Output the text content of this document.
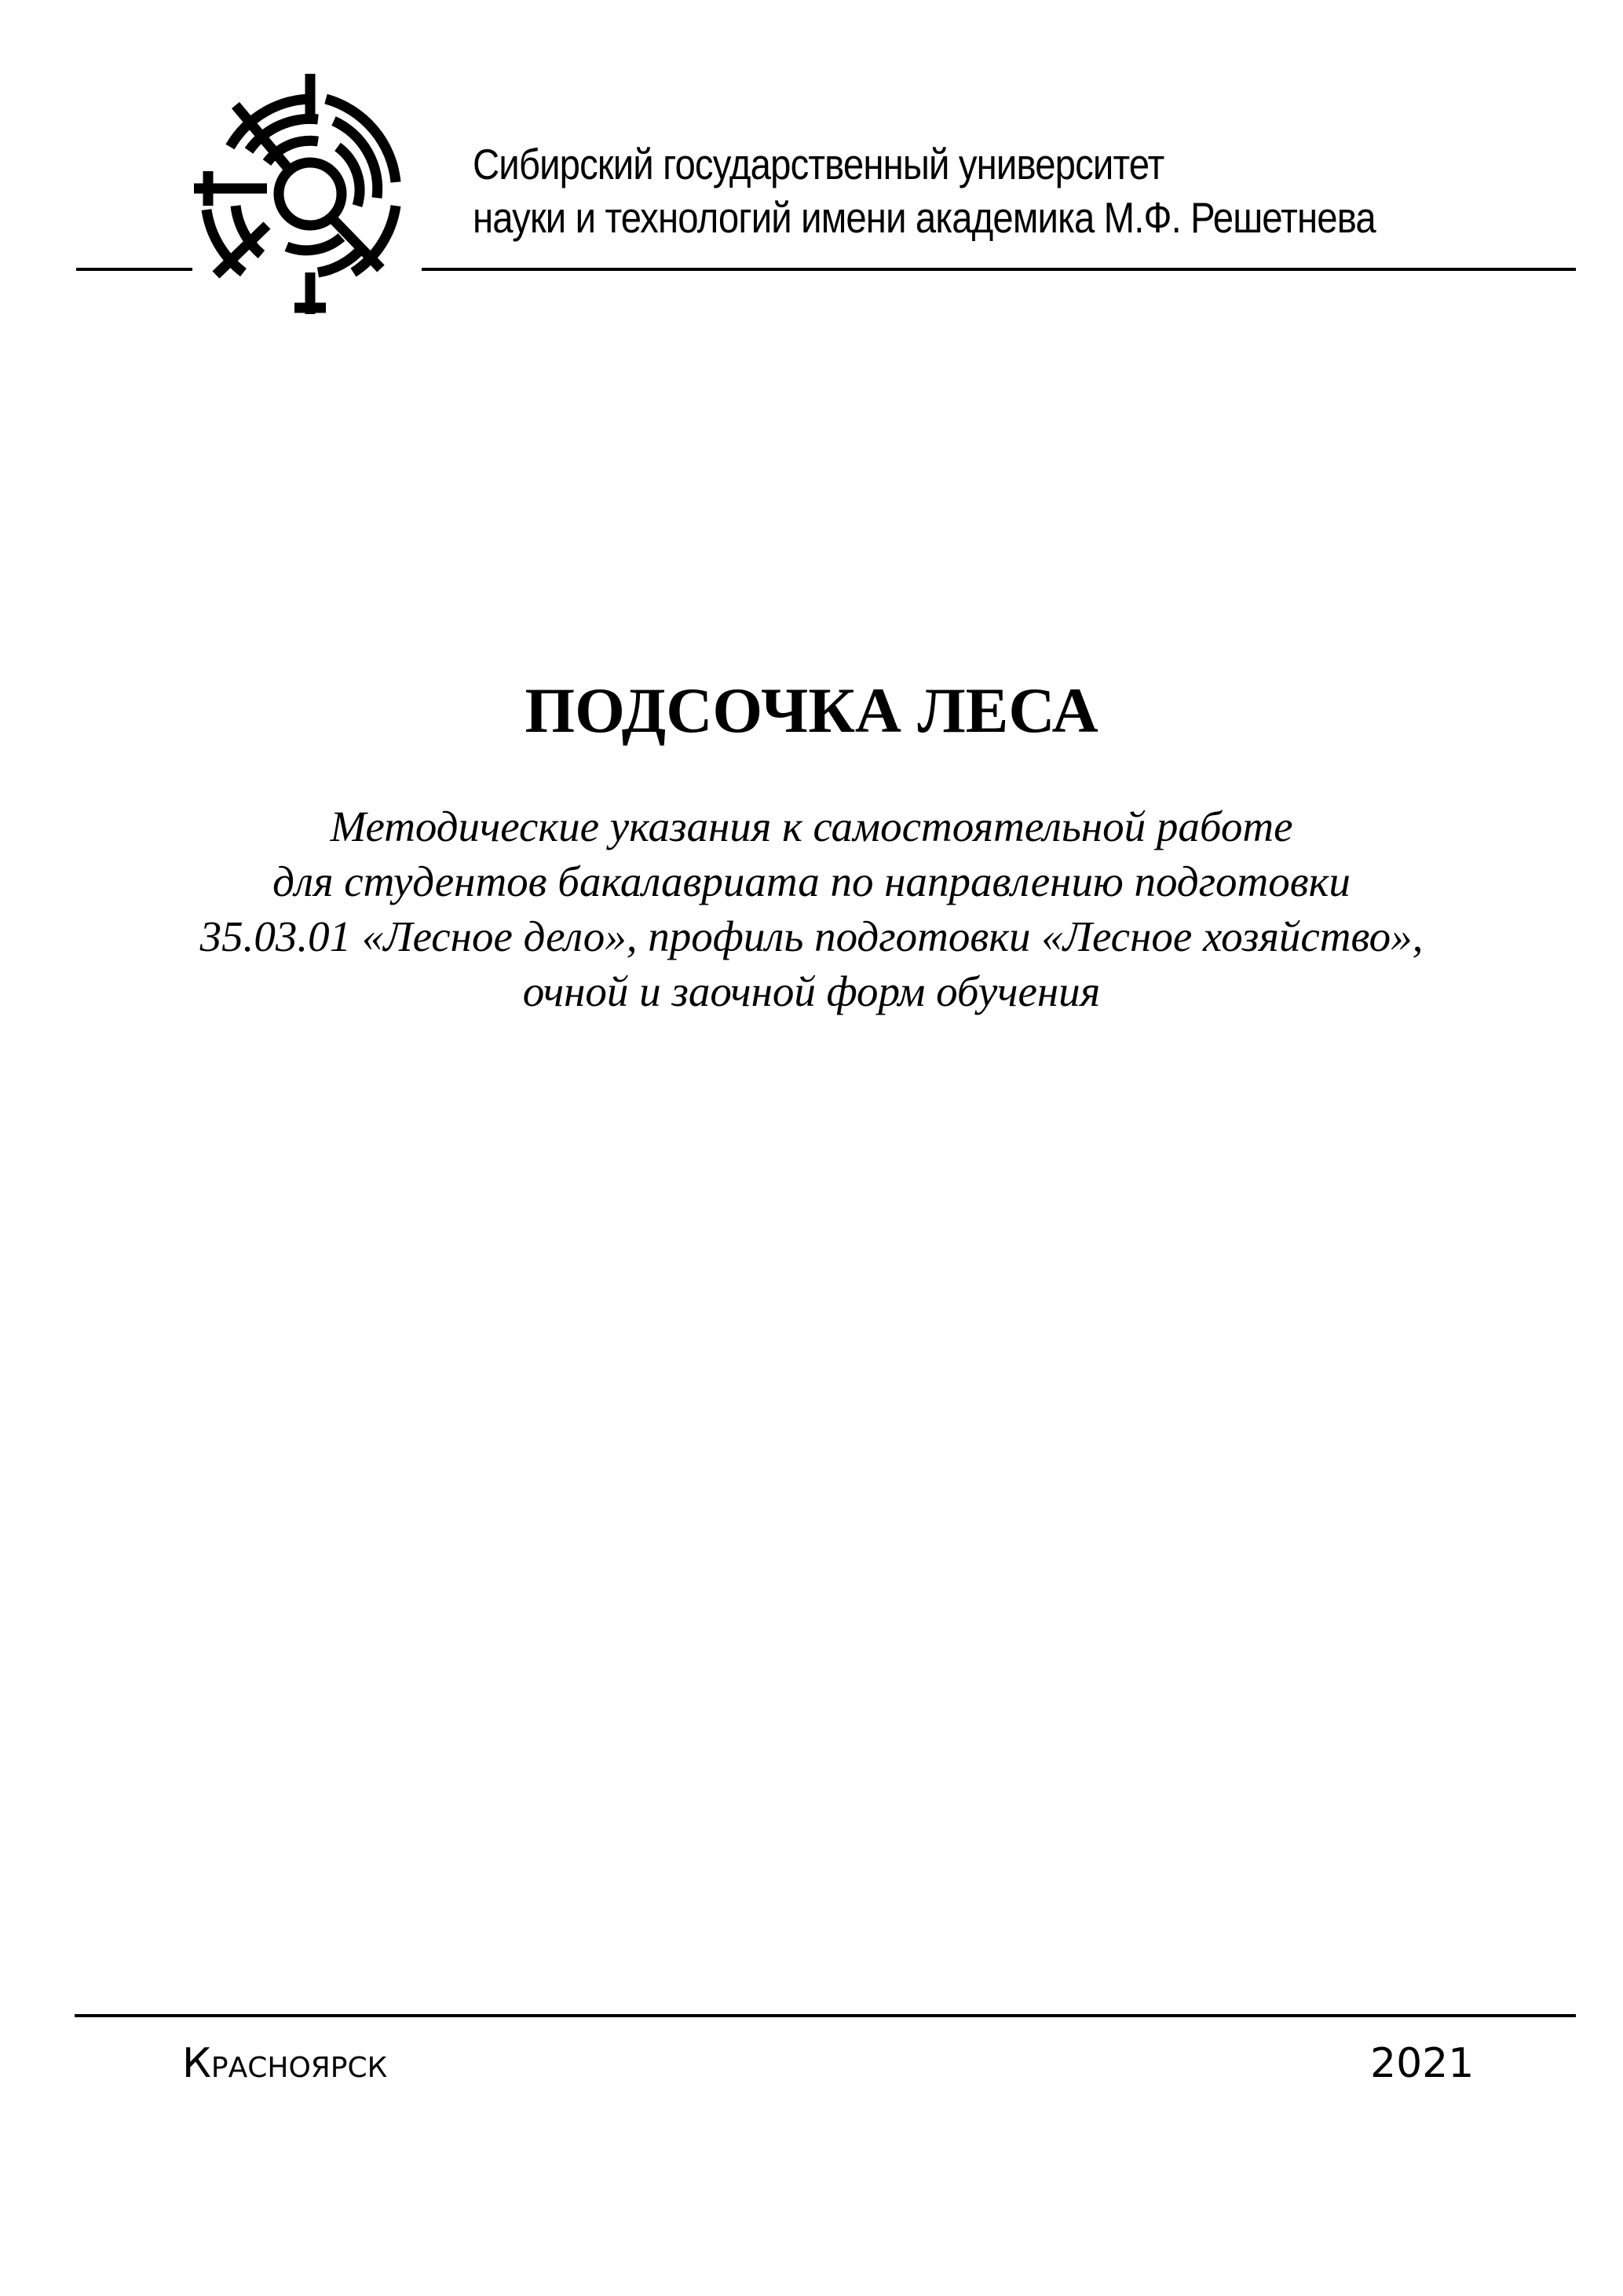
Сибирский государственный университет
науки и технологий имени академика М.Ф. Решетнева
ПОДСОЧКА ЛЕСА
Методические указания к самостоятельной работе
для студентов бакалавриата по направлению подготовки
35.03.01 «Лесное дело», профиль подготовки «Лесное хозяйство»,
очной и заочной форм обучения
Красноярск	2021
